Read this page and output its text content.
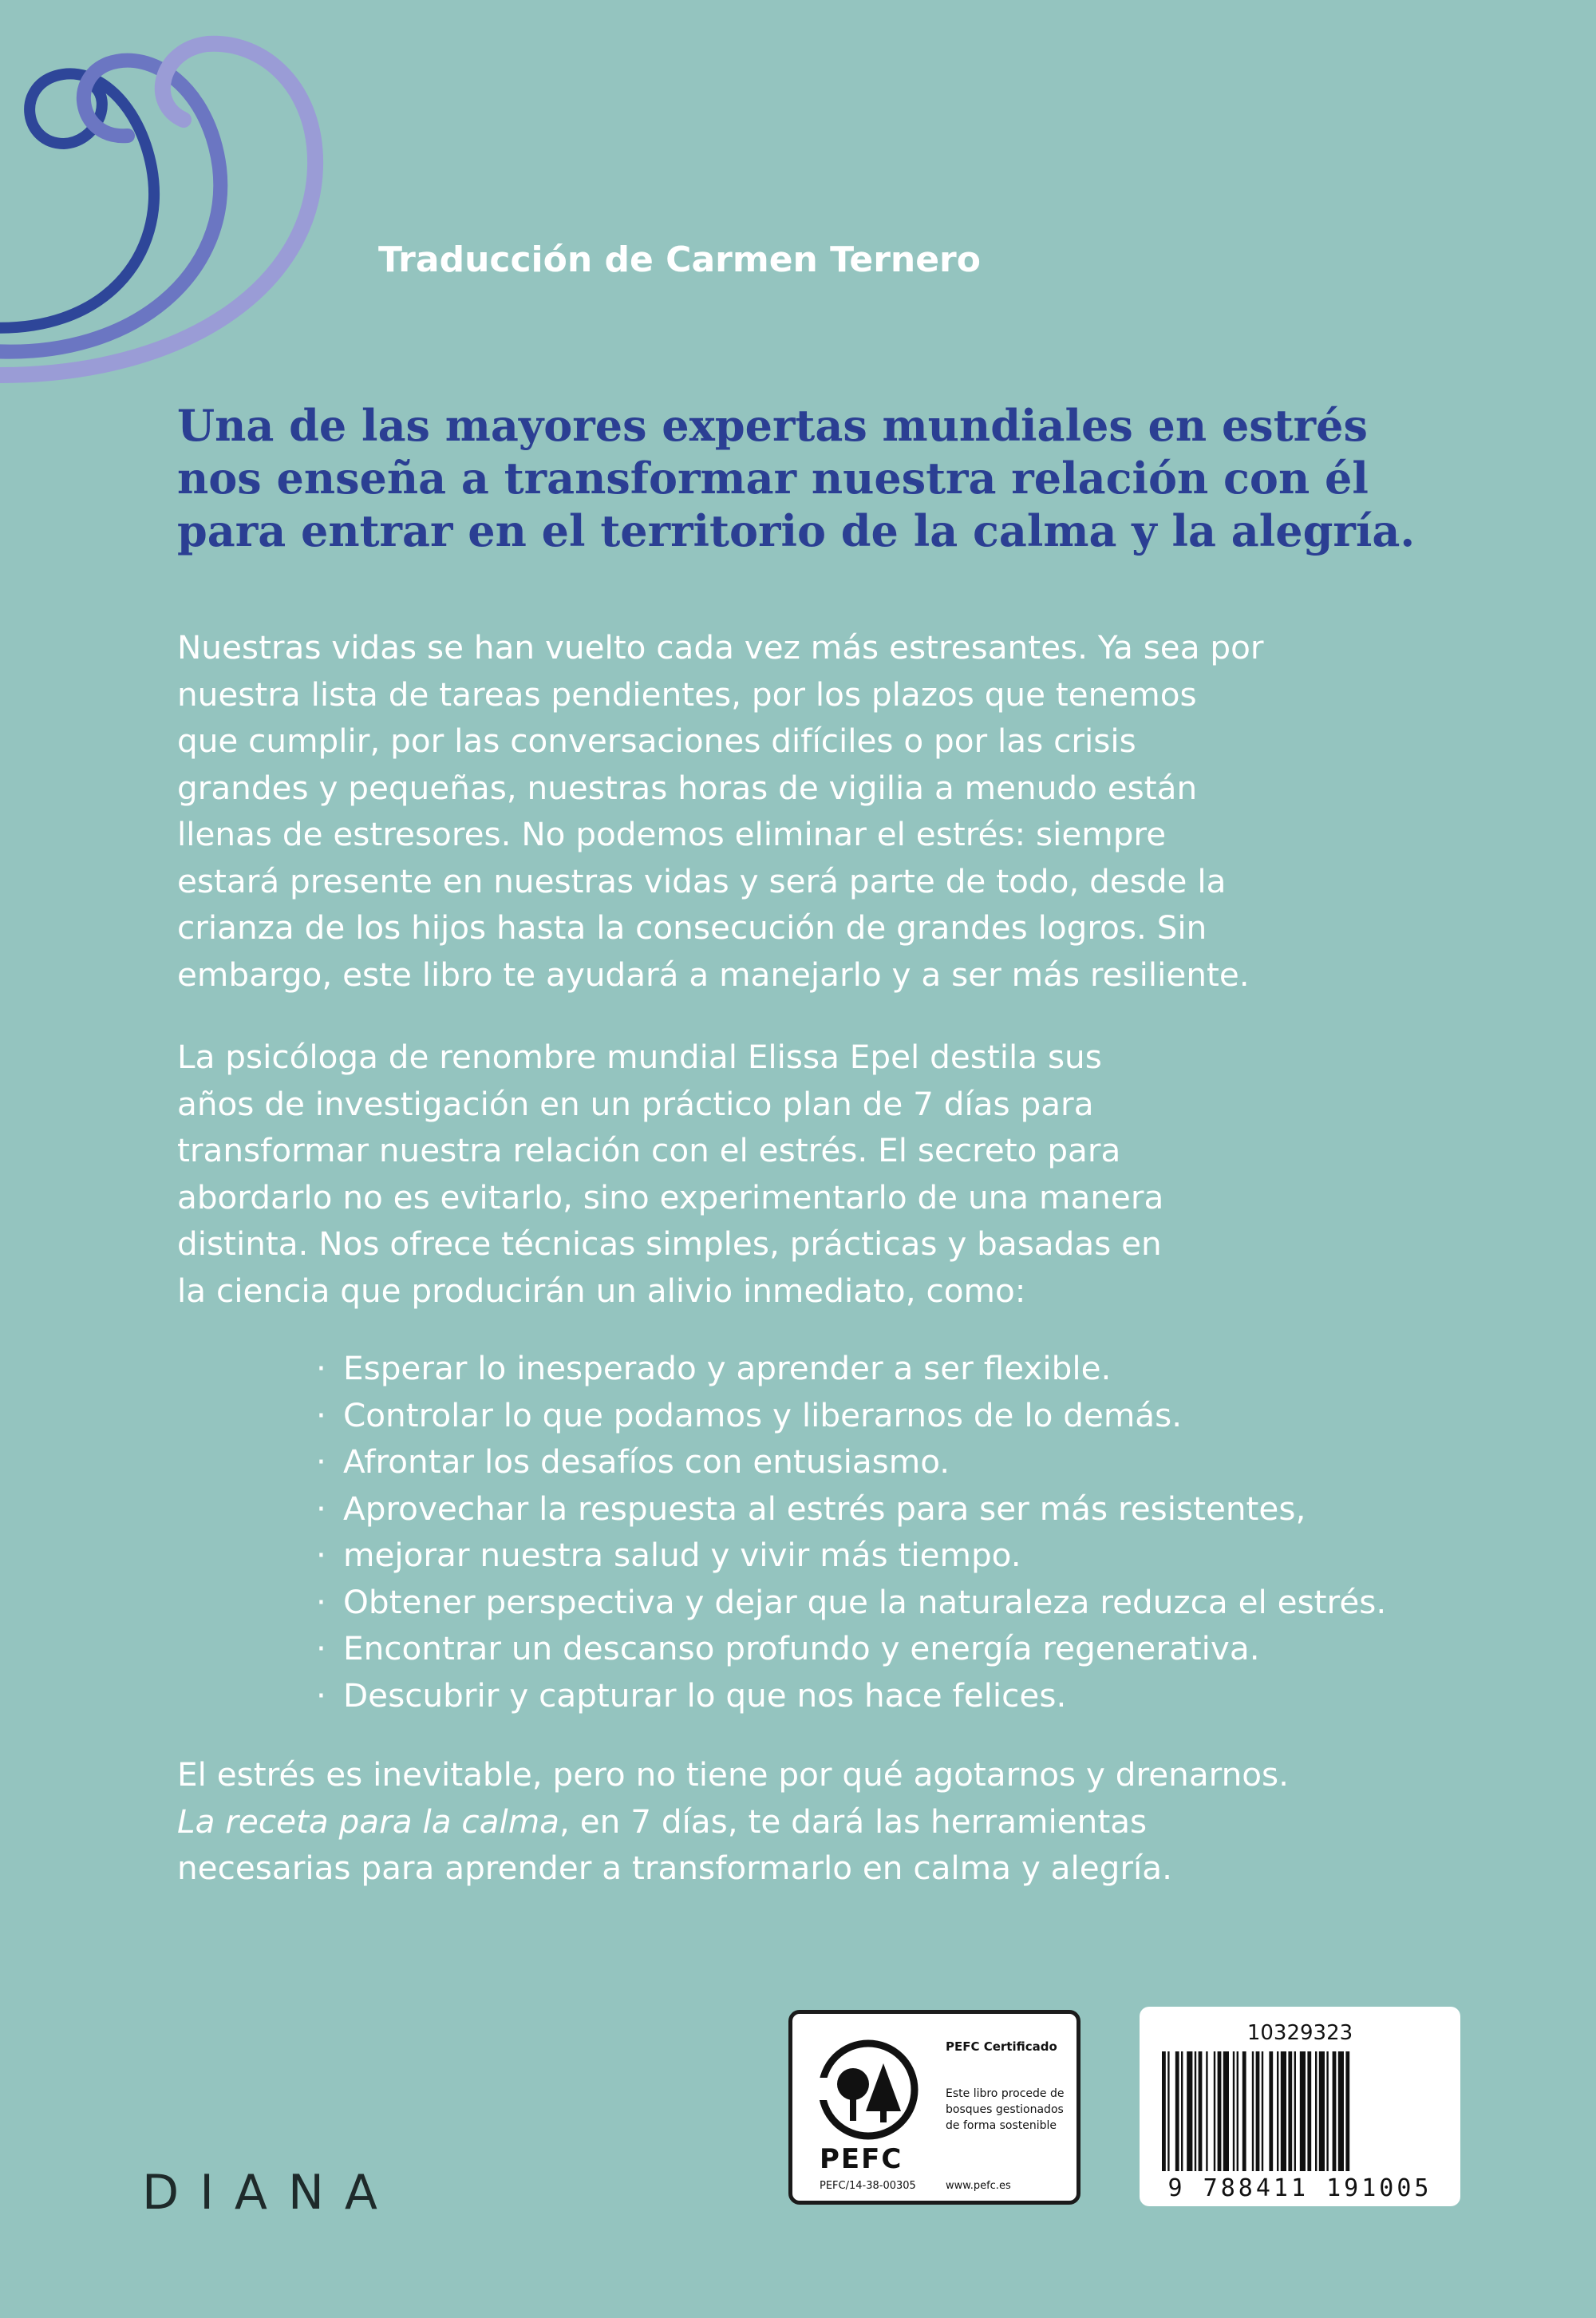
Traducción de Carmen Ternero
Una de las mayores expertas mundiales en estrés
nos enseña a transformar nuestra relación con él
para entrar en el territorio de la calma y la alegría.
Nuestras vidas se han vuelto cada vez más estresantes. Ya sea por
nuestra lista de tareas pendientes, por los plazos que tenemos
que cumplir, por las conversaciones difíciles o por las crisis
grandes y pequeñas, nuestras horas de vigilia a menudo están
llenas de estresores. No podemos eliminar el estrés: siempre
estará presente en nuestras vidas y será parte de todo, desde la
crianza de los hijos hasta la consecución de grandes logros. Sin
embargo, este libro te ayudará a manejarlo y a ser más resiliente.
La psicóloga de renombre mundial Elissa Epel destila sus
años de investigación en un práctico plan de 7 días para
transformar nuestra relación con el estrés. El secreto para
abordarlo no es evitarlo, sino experimentarlo de una manera
distinta. Nos ofrece técnicas simples, prácticas y basadas en
la ciencia que producirán un alivio inmediato, como:
· Esperar lo inesperado y aprender a ser flexible.
· Controlar lo que podamos y liberarnos de lo demás.
· Afrontar los desafíos con entusiasmo.
· Aprovechar la respuesta al estrés para ser más resistentes,
· mejorar nuestra salud y vivir más tiempo.
· Obtener perspectiva y dejar que la naturaleza reduzca el estrés.
· Encontrar un descanso profundo y energía regenerativa.
· Descubrir y capturar lo que nos hace felices.
El estrés es inevitable, pero no tiene por qué agotarnos y drenarnos.
La receta para la calma, en 7 días, te dará las herramientas
necesarias para aprender a transformarlo en calma y alegría.
DIANA
PEFC
PEFC/14-38-00305
PEFC Certificado
Este libro procede de bosques gestionados de forma sostenible
www.pefc.es
10329323
9 788411 191005
